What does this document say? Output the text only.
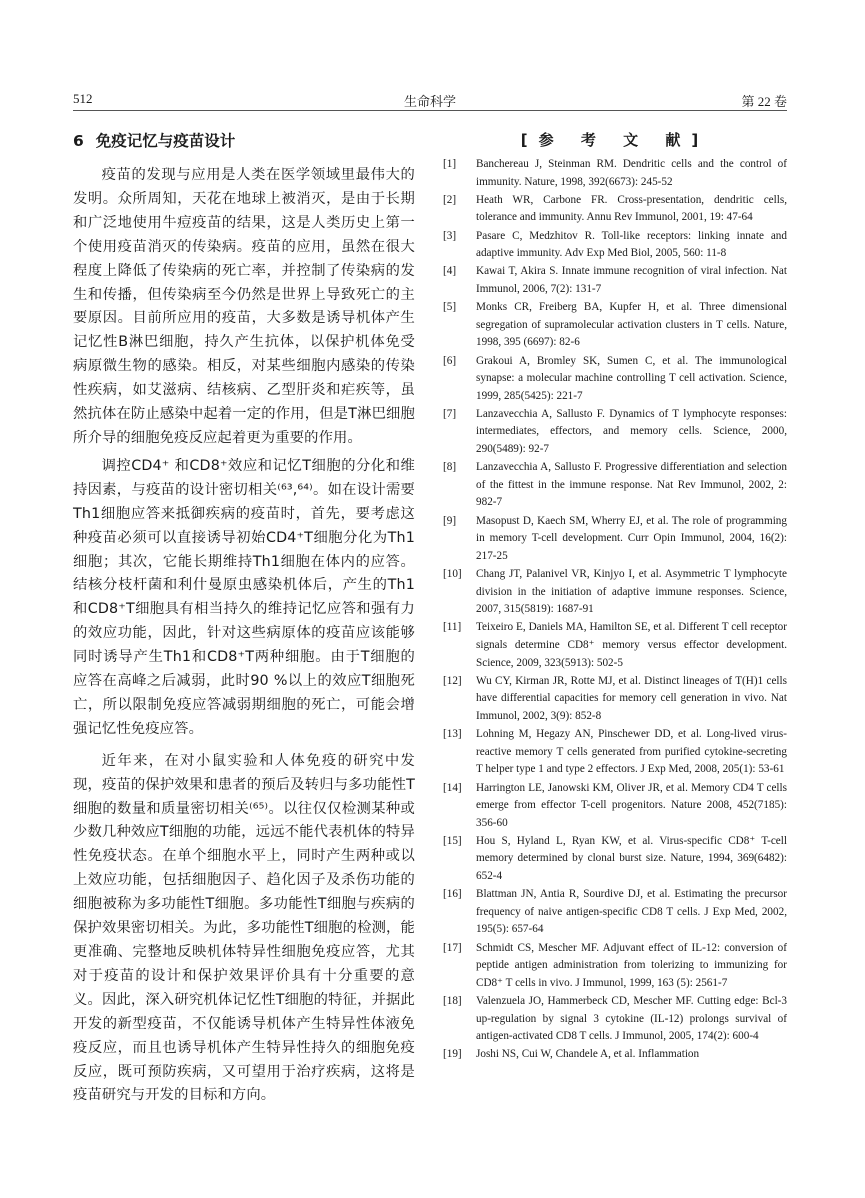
512	生命科学	第 22 卷
6 免疫记忆与疫苗设计

疫苗的发现与应用是人类在医学领域里最伟大的发明。众所周知，天花在地球上被消灭，是由于长期和广泛地使用牛痘疫苗的结果，这是人类历史上第一个使用疫苗消灭的传染病。疫苗的应用，虽然在很大程度上降低了传染病的死亡率，并控制了传染病的发生和传播，但传染病至今仍然是世界上导致死亡的主要原因。目前所应用的疫苗，大多数是诱导机体产生记忆性B淋巴细胞，持久产生抗体，以保护机体免受病原微生物的感染。相反，对某些细胞内感染的传染性疾病，如艾滋病、结核病、乙型肝炎和疟疾等，虽然抗体在防止感染中起着一定的作用，但是T淋巴细胞所介导的细胞免疫反应起着更为重要的作用。

调控CD4⁺ 和CD8⁺效应和记忆T细胞的分化和维持因素，与疫苗的设计密切相关⁽⁶³,⁶⁴⁾。如在设计需要Th1细胞应答来抵御疾病的疫苗时，首先，要考虑这种疫苗必须可以直接诱导初始CD4⁺T细胞分化为Th1细胞；其次，它能长期维持Th1细胞在体内的应答。结核分枝杆菌和利什曼原虫感染机体后，产生的Th1和CD8⁺T细胞具有相当持久的维持记忆应答和强有力的效应功能，因此，针对这些病原体的疫苗应该能够同时诱导产生Th1和CD8⁺T两种细胞。由于T细胞的应答在高峰之后减弱，此时90 %以上的效应T细胞死亡，所以限制免疫应答减弱期细胞的死亡，可能会增强记忆性免疫应答。

近年来，在对小鼠实验和人体免疫的研究中发现，疫苗的保护效果和患者的预后及转归与多功能性T细胞的数量和质量密切相关⁽⁶⁵⁾。以往仅仅检测某种或少数几种效应T细胞的功能，远远不能代表机体的特异性免疫状态。在单个细胞水平上，同时产生两种或以上效应功能，包括细胞因子、趋化因子及杀伤功能的细胞被称为多功能性T细胞。多功能性T细胞与疾病的保护效果密切相关。为此，多功能性T细胞的检测，能更准确、完整地反映机体特异性细胞免疫应答，尤其对于疫苗的设计和保护效果评价具有十分重要的意义。因此，深入研究机体记忆性T细胞的特征，并据此开发的新型疫苗，不仅能诱导机体产生特异性体液免疫反应，而且也诱导机体产生特异性持久的细胞免疫反应，既可预防疾病，又可望用于治疗疾病，这将是疫苗研究与开发的目标和方向。

[参 考 文 献]
[1] Banchereau J, Steinman RM. Dendritic cells and the control of immunity. Nature, 1998, 392(6673): 245-52
[2] Heath WR, Carbone FR. Cross-presentation, dendritic cells, tolerance and immunity. Annu Rev Immunol, 2001, 19: 47-64
[3] Pasare C, Medzhitov R. Toll-like receptors: linking innate and adaptive immunity. Adv Exp Med Biol, 2005, 560: 11-8
[4] Kawai T, Akira S. Innate immune recognition of viral infection. Nat Immunol, 2006, 7(2): 131-7
[5] Monks CR, Freiberg BA, Kupfer H, et al. Three dimensional segregation of supramolecular activation clusters in T cells. Nature, 1998, 395 (6697): 82-6
[6] Grakoui A, Bromley SK, Sumen C, et al. The immunological synapse: a molecular machine controlling T cell activation. Science, 1999, 285(5425): 221-7
[7] Lanzavecchia A, Sallusto F. Dynamics of T lymphocyte responses: intermediates, effectors, and memory cells. Science, 2000, 290(5489): 92-7
[8] Lanzavecchia A, Sallusto F. Progressive differentiation and selection of the fittest in the immune response. Nat Rev Immunol, 2002, 2: 982-7
[9] Masopust D, Kaech SM, Wherry EJ, et al. The role of programming in memory T-cell development. Curr Opin Immunol, 2004, 16(2): 217-25
[10] Chang JT, Palanivel VR, Kinjyo I, et al. Asymmetric T lymphocyte division in the initiation of adaptive immune responses. Science, 2007, 315(5819): 1687-91
[11] Teixeiro E, Daniels MA, Hamilton SE, et al. Different T cell receptor signals determine CD8⁺ memory versus effector development. Science, 2009, 323(5913): 502-5
[12] Wu CY, Kirman JR, Rotte MJ, et al. Distinct lineages of T(H)1 cells have differential capacities for memory cell generation in vivo. Nat Immunol, 2002, 3(9): 852-8
[13] Lohning M, Hegazy AN, Pinschewer DD, et al. Long-lived virus-reactive memory T cells generated from purified cytokine-secreting T helper type 1 and type 2 effectors. J Exp Med, 2008, 205(1): 53-61
[14] Harrington LE, Janowski KM, Oliver JR, et al. Memory CD4 T cells emerge from effector T-cell progenitors. Nature 2008, 452(7185): 356-60
[15] Hou S, Hyland L, Ryan KW, et al. Virus-specific CD8⁺ T-cell memory determined by clonal burst size. Nature, 1994, 369(6482): 652-4
[16] Blattman JN, Antia R, Sourdive DJ, et al. Estimating the precursor frequency of naive antigen-specific CD8 T cells. J Exp Med, 2002, 195(5): 657-64
[17] Schmidt CS, Mescher MF. Adjuvant effect of IL-12: conversion of peptide antigen administration from tolerizing to immunizing for CD8⁺ T cells in vivo. J Immunol, 1999, 163 (5): 2561-7
[18] Valenzuela JO, Hammerbeck CD, Mescher MF. Cutting edge: Bcl-3 up-regulation by signal 3 cytokine (IL-12) prolongs survival of antigen-activated CD8 T cells. J Immunol, 2005, 174(2): 600-4
[19] Joshi NS, Cui W, Chandele A, et al. Inflammation
